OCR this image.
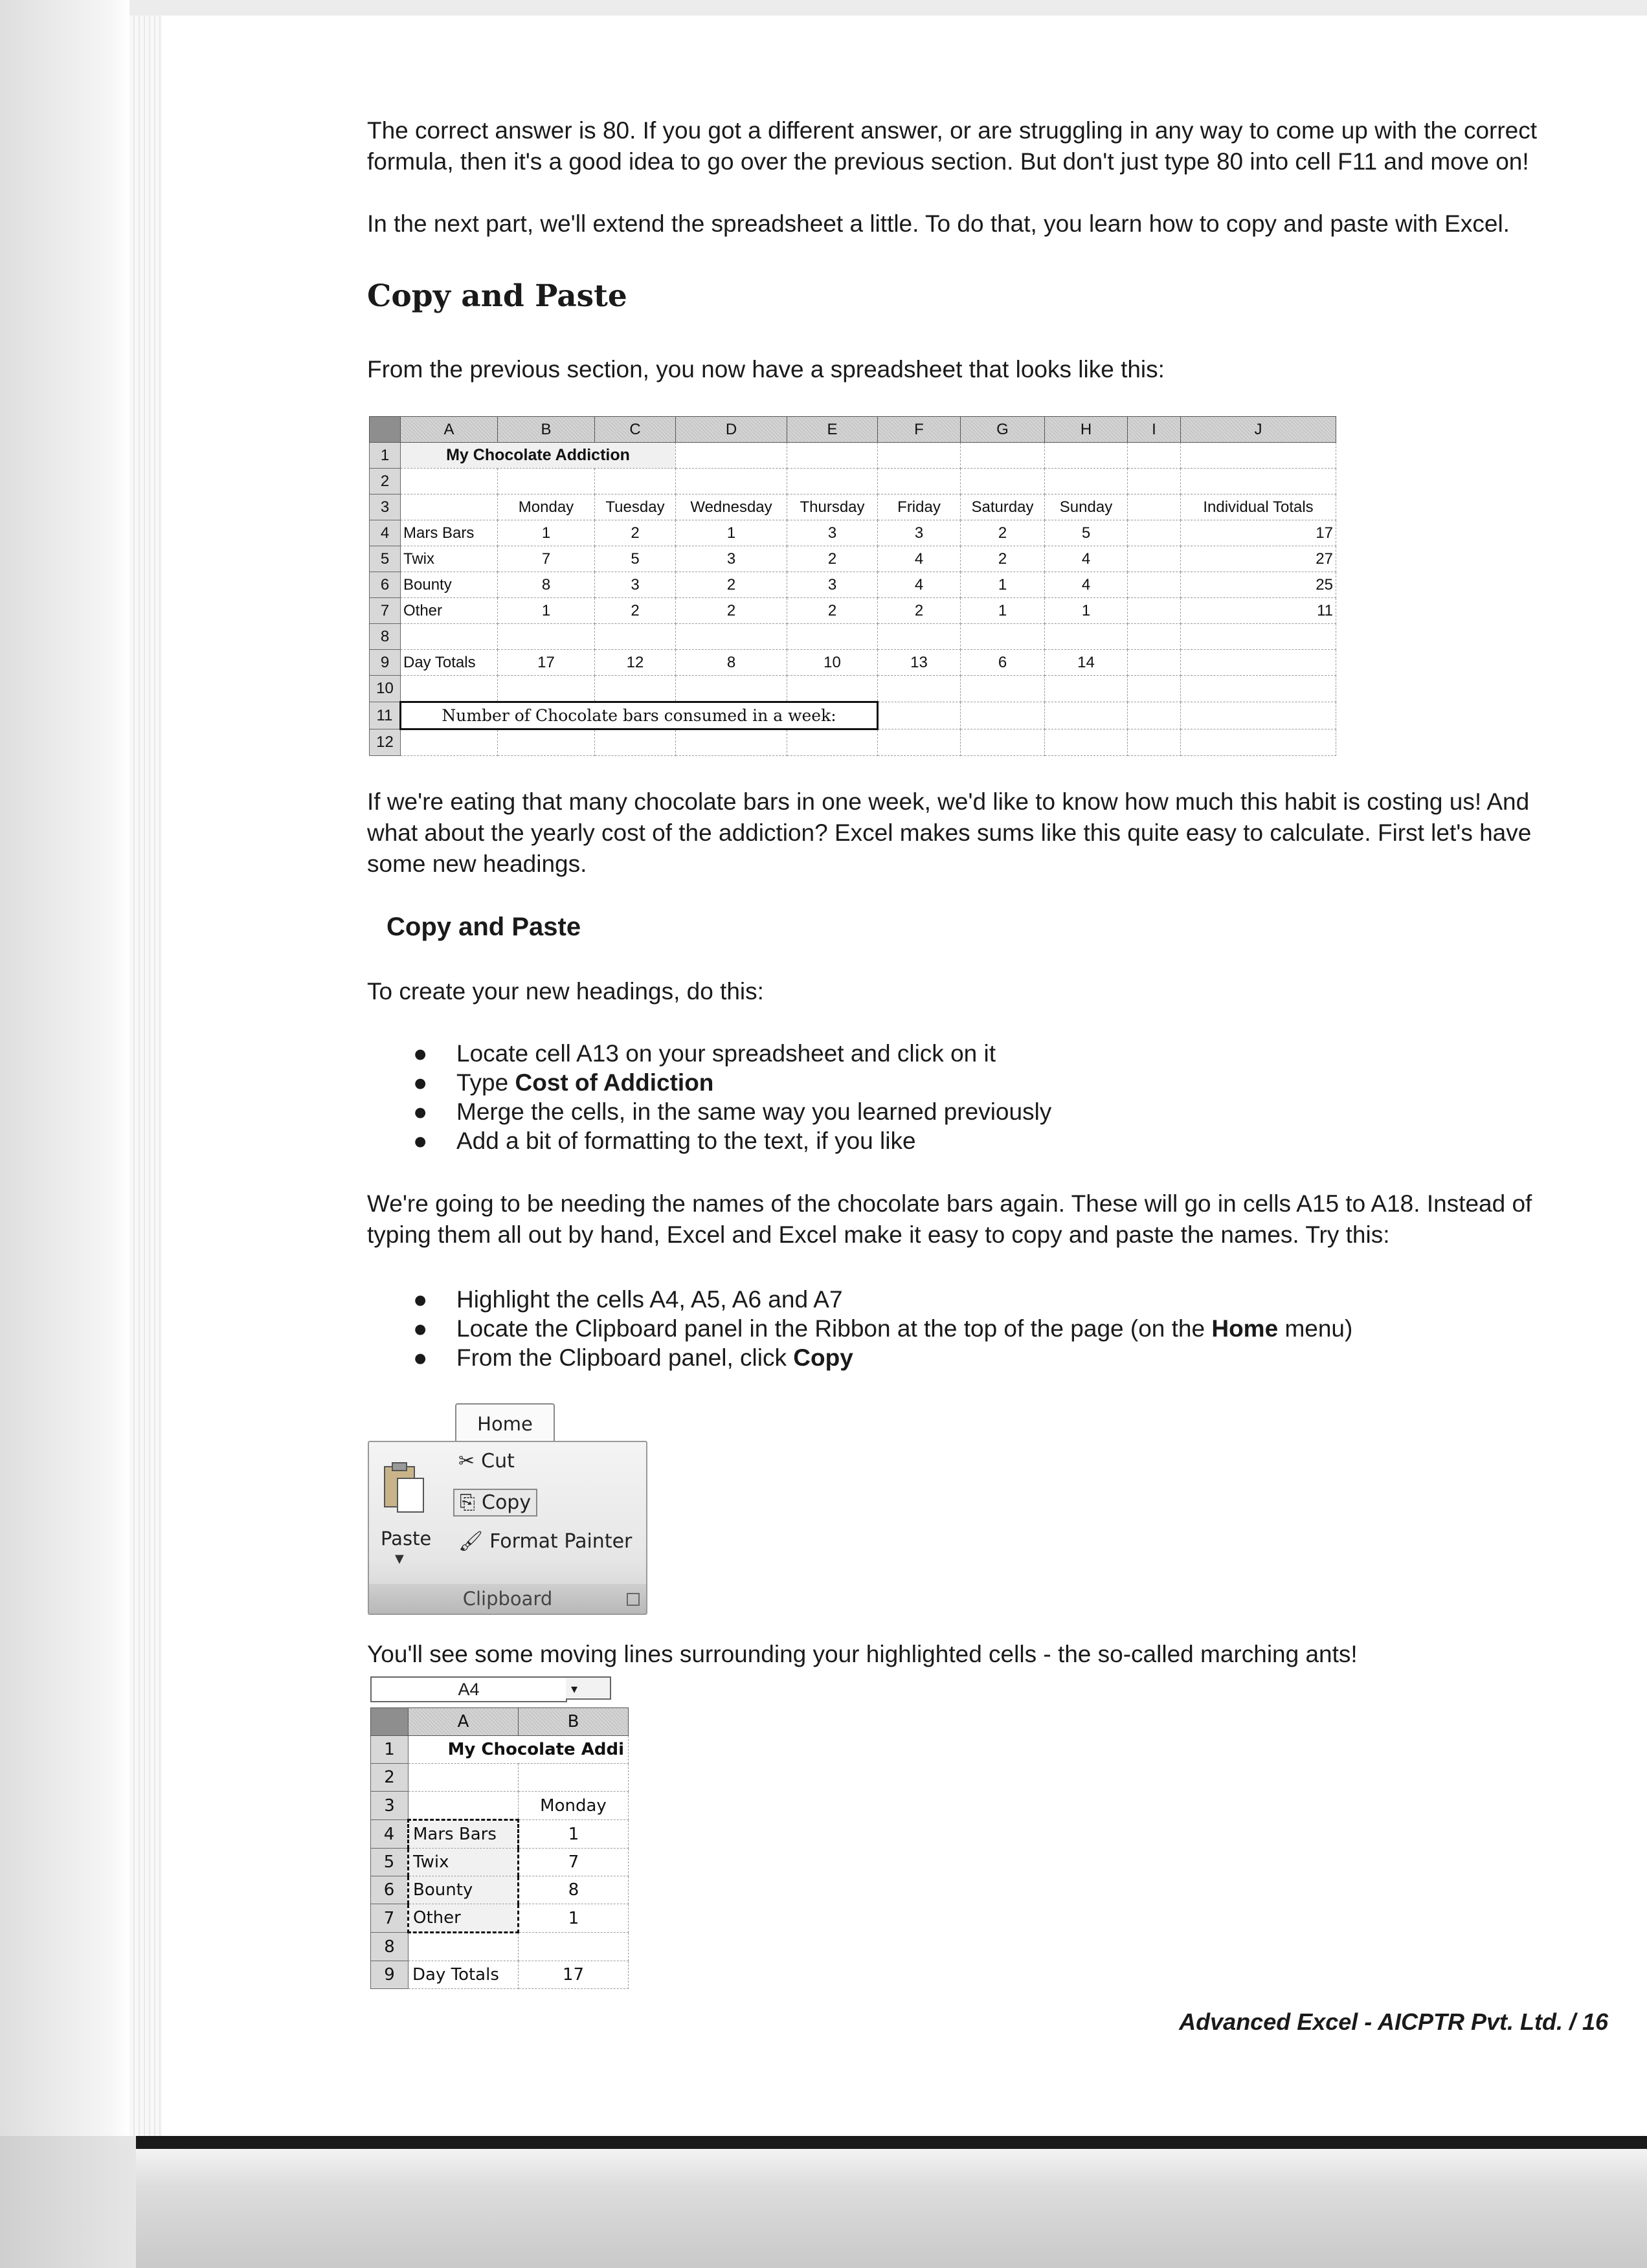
The correct answer is 80. If you got a different answer, or are struggling in any way to come up with the correct formula, then it's a good idea to go over the previous section. But don't just type 80 into cell F11 and move on!

In the next part, we'll extend the spreadsheet a little. To do that, you learn how to copy and paste with Excel.

Copy and Paste

From the previous section, you now have a spreadsheet that looks like this:

	A	B	C	D	E	F	G	H	I	J
1	My Chocolate Addiction									
2										
3		Monday	Tuesday	Wednesday	Thursday	Friday	Saturday	Sunday		Individual Totals
4	Mars Bars	1	2	1	3	3	2	5		17
5	Twix	7	5	3	2	4	2	4		27
6	Bounty	8	3	2	3	4	1	4		25
7	Other	1	2	2	2	2	1	1		11
8										
9	Day Totals	17	12	8	10	13	6	14		
10										
11	Number of Chocolate bars consumed in a week:									
12										

If we're eating that many chocolate bars in one week, we'd like to know how much this habit is costing us! And what about the yearly cost of the addiction? Excel makes sums like this quite easy to calculate. First let's have some new headings.

Copy and Paste

To create your new headings, do this:

● Locate cell A13 on your spreadsheet and click on it
● Type Cost of Addiction
● Merge the cells, in the same way you learned previously
● Add a bit of formatting to the text, if you like

We're going to be needing the names of the chocolate bars again. These will go in cells A15 to A18. Instead of typing them all out by hand, Excel and Excel make it easy to copy and paste the names. Try this:

● Highlight the cells A4, A5, A6 and A7
● Locate the Clipboard panel in the Ribbon at the top of the page (on the Home menu)
● From the Clipboard panel, click Copy
Home
Paste
▼
✂ Cut
⎘ Copy
🖌 Format Painter
Clipboard

You'll see some moving lines surrounding your highlighted cells - the so-called marching ants!

A4	▾
	A	B
1	My Chocolate Addi	
2		
3		Monday
4	Mars Bars	1
5	Twix	7
6	Bounty	8
7	Other	1
8		
9	Day Totals	17
Advanced Excel - AICPTR Pvt. Ltd. / 16
